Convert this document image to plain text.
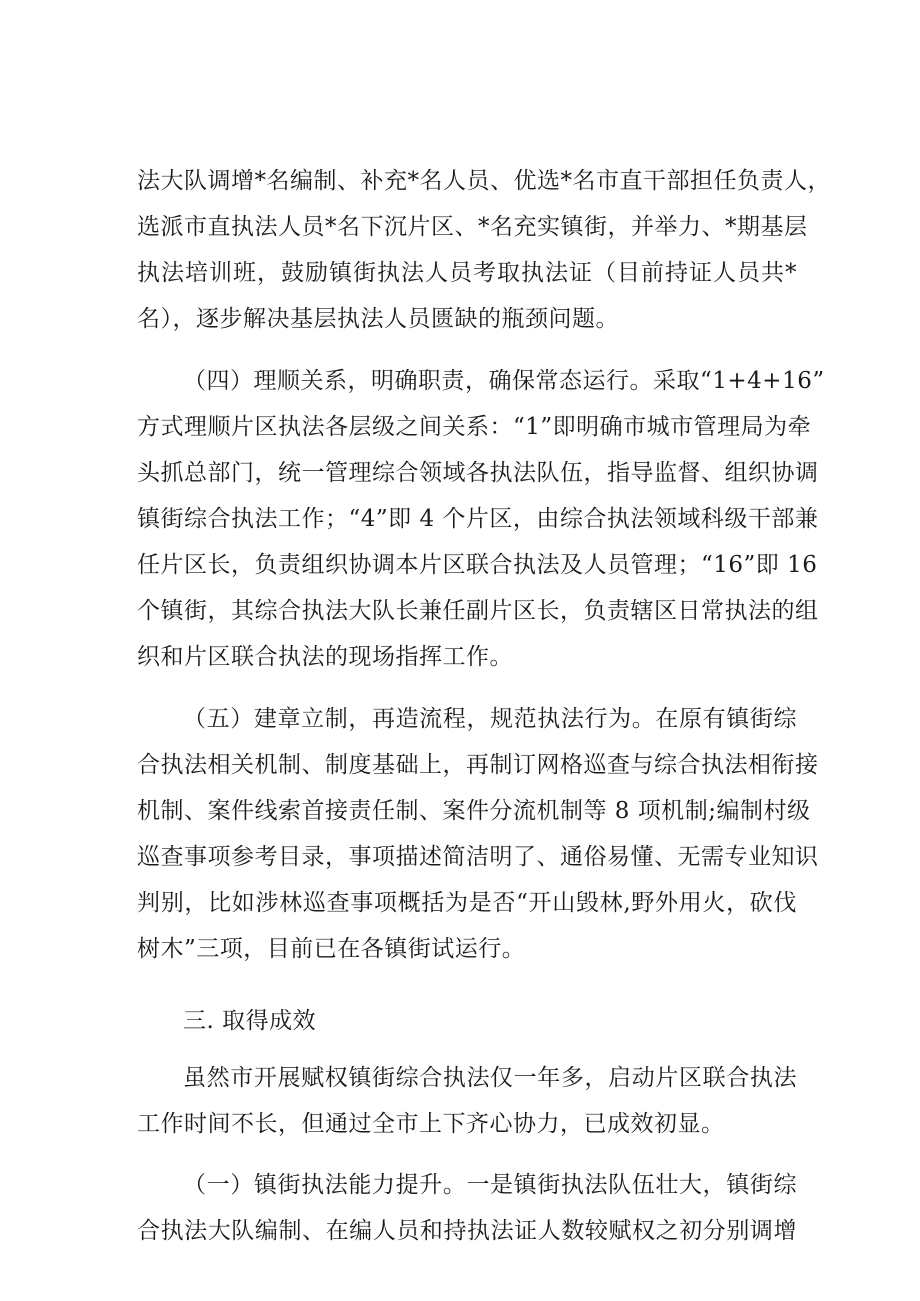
法大队调增*名编制、补充*名人员、优选*名市直干部担任负责人，
选派市直执法人员*名下沉片区、*名充实镇街，并举力、*期基层
执法培训班，鼓励镇街执法人员考取执法证（目前持证人员共*
名），逐步解决基层执法人员匮缺的瓶颈问题。
（四）理顺关系，明确职责，确保常态运行。采取“1+4+16”
方式理顺片区执法各层级之间关系：“1”即明确市城市管理局为牵
头抓总部门，统一管理综合领域各执法队伍，指导监督、组织协调
镇街综合执法工作；“4”即 4 个片区，由综合执法领域科级干部兼
任片区长，负责组织协调本片区联合执法及人员管理；“16”即 16
个镇街，其综合执法大队长兼任副片区长，负责辖区日常执法的组
织和片区联合执法的现场指挥工作。
（五）建章立制，再造流程，规范执法行为。在原有镇街综
合执法相关机制、制度基础上，再制订网格巡查与综合执法相衔接
机制、案件线索首接责任制、案件分流机制等 8 项机制;编制村级
巡查事项参考目录，事项描述简洁明了、通俗易懂、无需专业知识
判别，比如涉林巡查事项概括为是否“开山毁林,野外用火，砍伐
树木”三项，目前已在各镇街试运行。
三. 取得成效
虽然市开展赋权镇街综合执法仅一年多，启动片区联合执法
工作时间不长，但通过全市上下齐心协力，已成效初显。
（一）镇街执法能力提升。一是镇街执法队伍壮大，镇街综
合执法大队编制、在编人员和持执法证人数较赋权之初分别调增
